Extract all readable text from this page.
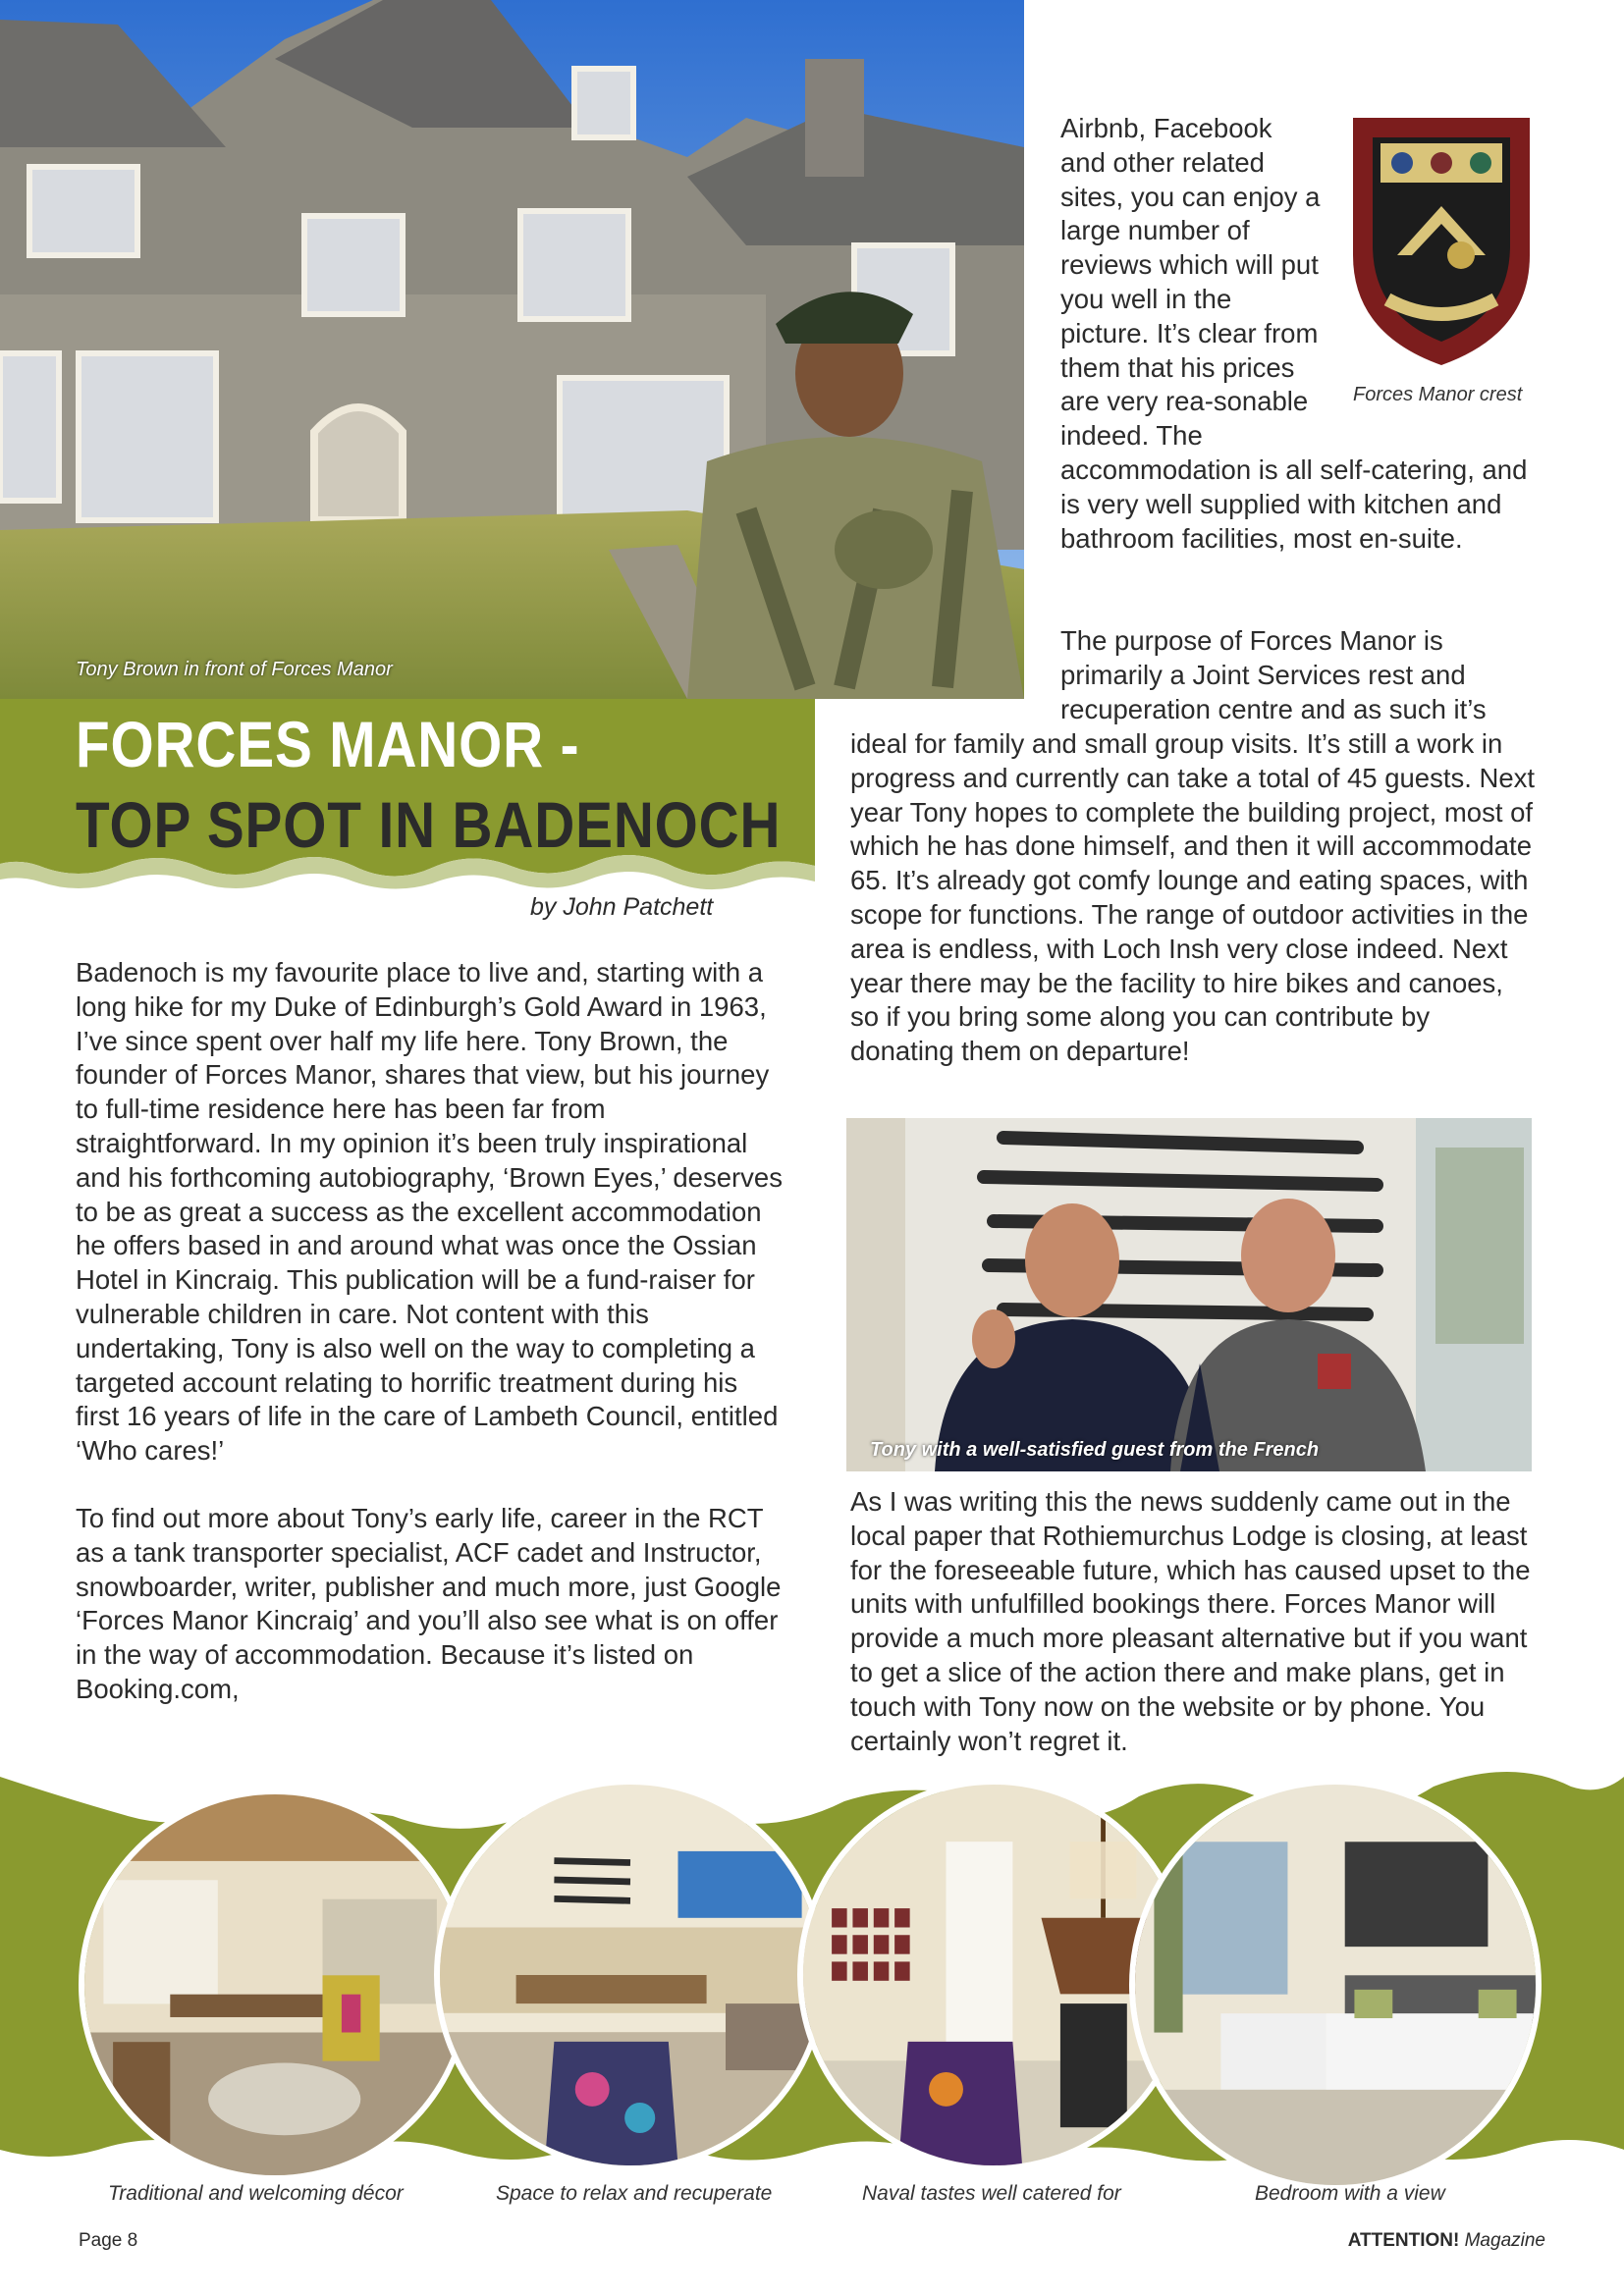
Tony Brown in front of Forces Manor
Forces Manor crest

Airbnb, Facebook and other related sites, you can enjoy a large number of reviews which will put you well in the picture. It’s clear from them that his prices are very rea-sonable indeed. The

accommodation is all self-catering, and is very well supplied with kitchen and bathroom facilities, most en-suite.

The purpose of Forces Manor is primarily a Joint Services rest and recuperation centre and as such it’s

ideal for family and small group visits. It’s still a work in progress and currently can take a total of 45 guests. Next year Tony hopes to complete the building project, most of which he has done himself, and then it will accommodate 65. It’s already got comfy lounge and eating spaces, with scope for functions. The range of outdoor activities in the area is endless, with Loch Insh very close indeed. Next year there may be the facility to hire bikes and canoes, so if you bring some along you can contribute by donating them on departure!

FORCES MANOR -
TOP SPOT IN BADENOCH
by John Patchett

Badenoch is my favourite place to live and, starting with a long hike for my Duke of Edinburgh’s Gold Award in 1963, I’ve since spent over half my life here. Tony Brown, the founder of Forces Manor, shares that view, but his journey to full-time residence here has been far from straightforward. In my opinion it’s been truly inspirational and his forthcoming autobiography, ‘Brown Eyes,’ deserves to be as great a success as the excellent accommodation he offers based in and around what was once the Ossian Hotel in Kincraig. This publication will be a fund-raiser for vulnerable children in care. Not content with this undertaking, Tony is also well on the way to completing a targeted account relating to horrific treatment during his first 16 years of life in the care of Lambeth Council, entitled ‘Who cares!’

To find out more about Tony’s early life, career in the RCT as a tank transporter specialist, ACF cadet and Instructor, snowboarder, writer, publisher and much more, just Google ‘Forces Manor Kincraig’ and you’ll also see what is on offer in the way of accommodation. Because it’s listed on Booking.com,

Tony with a well-satisfied guest from the French

As I was writing this the news suddenly came out in the local paper that Rothiemurchus Lodge is closing, at least for the foreseeable future, which has caused upset to the units with unfulfilled bookings there. Forces Manor will provide a much more pleasant alternative but if you want to get a slice of the action there and make plans, get in touch with Tony now on the website or by phone. You certainly won’t regret it.

Traditional and welcoming décor	Space to relax and recuperate	Naval tastes well catered for	Bedroom with a view
Page 8	ATTENTION! Magazine
